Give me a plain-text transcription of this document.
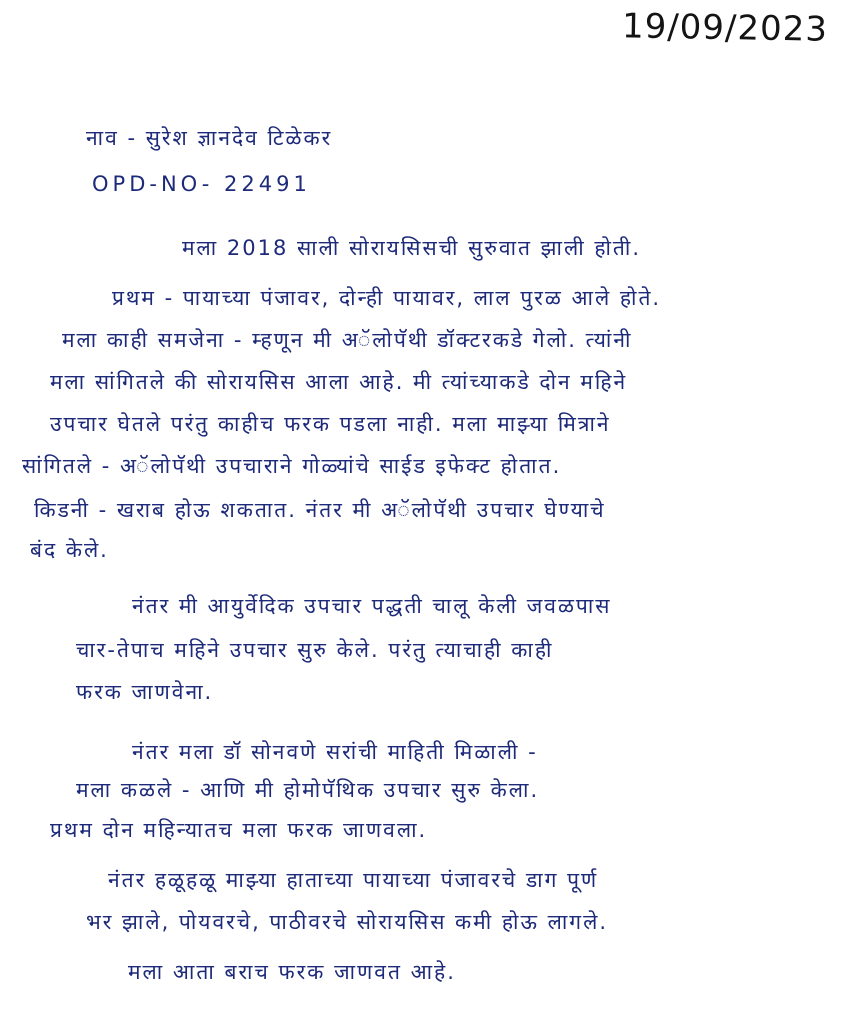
19/09/2023
नाव - सुरेश ज्ञानदेव टिळेकर
OPD-NO- 22491
मला 2018 साली सोरायसिसची सुरुवात झाली होती.
प्रथम - पायाच्या पंजावर, दोन्ही पायावर, लाल पुरळ आले होते.
मला काही समजेना - म्हणून मी अॅलोपॅथी डॉक्टरकडे गेलो. त्यांनी
मला सांगितले की सोरायसिस आला आहे. मी त्यांच्याकडे दोन महिने
उपचार घेतले परंतु काहीच फरक पडला नाही. मला माझ्या मित्राने
सांगितले - अॅलोपॅथी उपचाराने गोळ्यांचे साईड इफेक्ट होतात.
किडनी - खराब होऊ शकतात. नंतर मी अॅलोपॅथी उपचार घेण्याचे
बंद केले.
नंतर मी आयुर्वेदिक उपचार पद्धती चालू केली जवळपास
चार-तेपाच महिने उपचार सुरु केले. परंतु त्याचाही काही
फरक जाणवेना.
नंतर मला डॉ सोनवणे सरांची माहिती मिळाली -
मला कळले - आणि मी होमोपॅथिक उपचार सुरु केला.
प्रथम दोन महिन्यातच मला फरक जाणवला.
नंतर हळूहळू माझ्या हाताच्या पायाच्या पंजावरचे डाग पूर्ण
भर झाले, पोयवरचे, पाठीवरचे सोरायसिस कमी होऊ लागले.
मला आता बराच फरक जाणवत आहे.
